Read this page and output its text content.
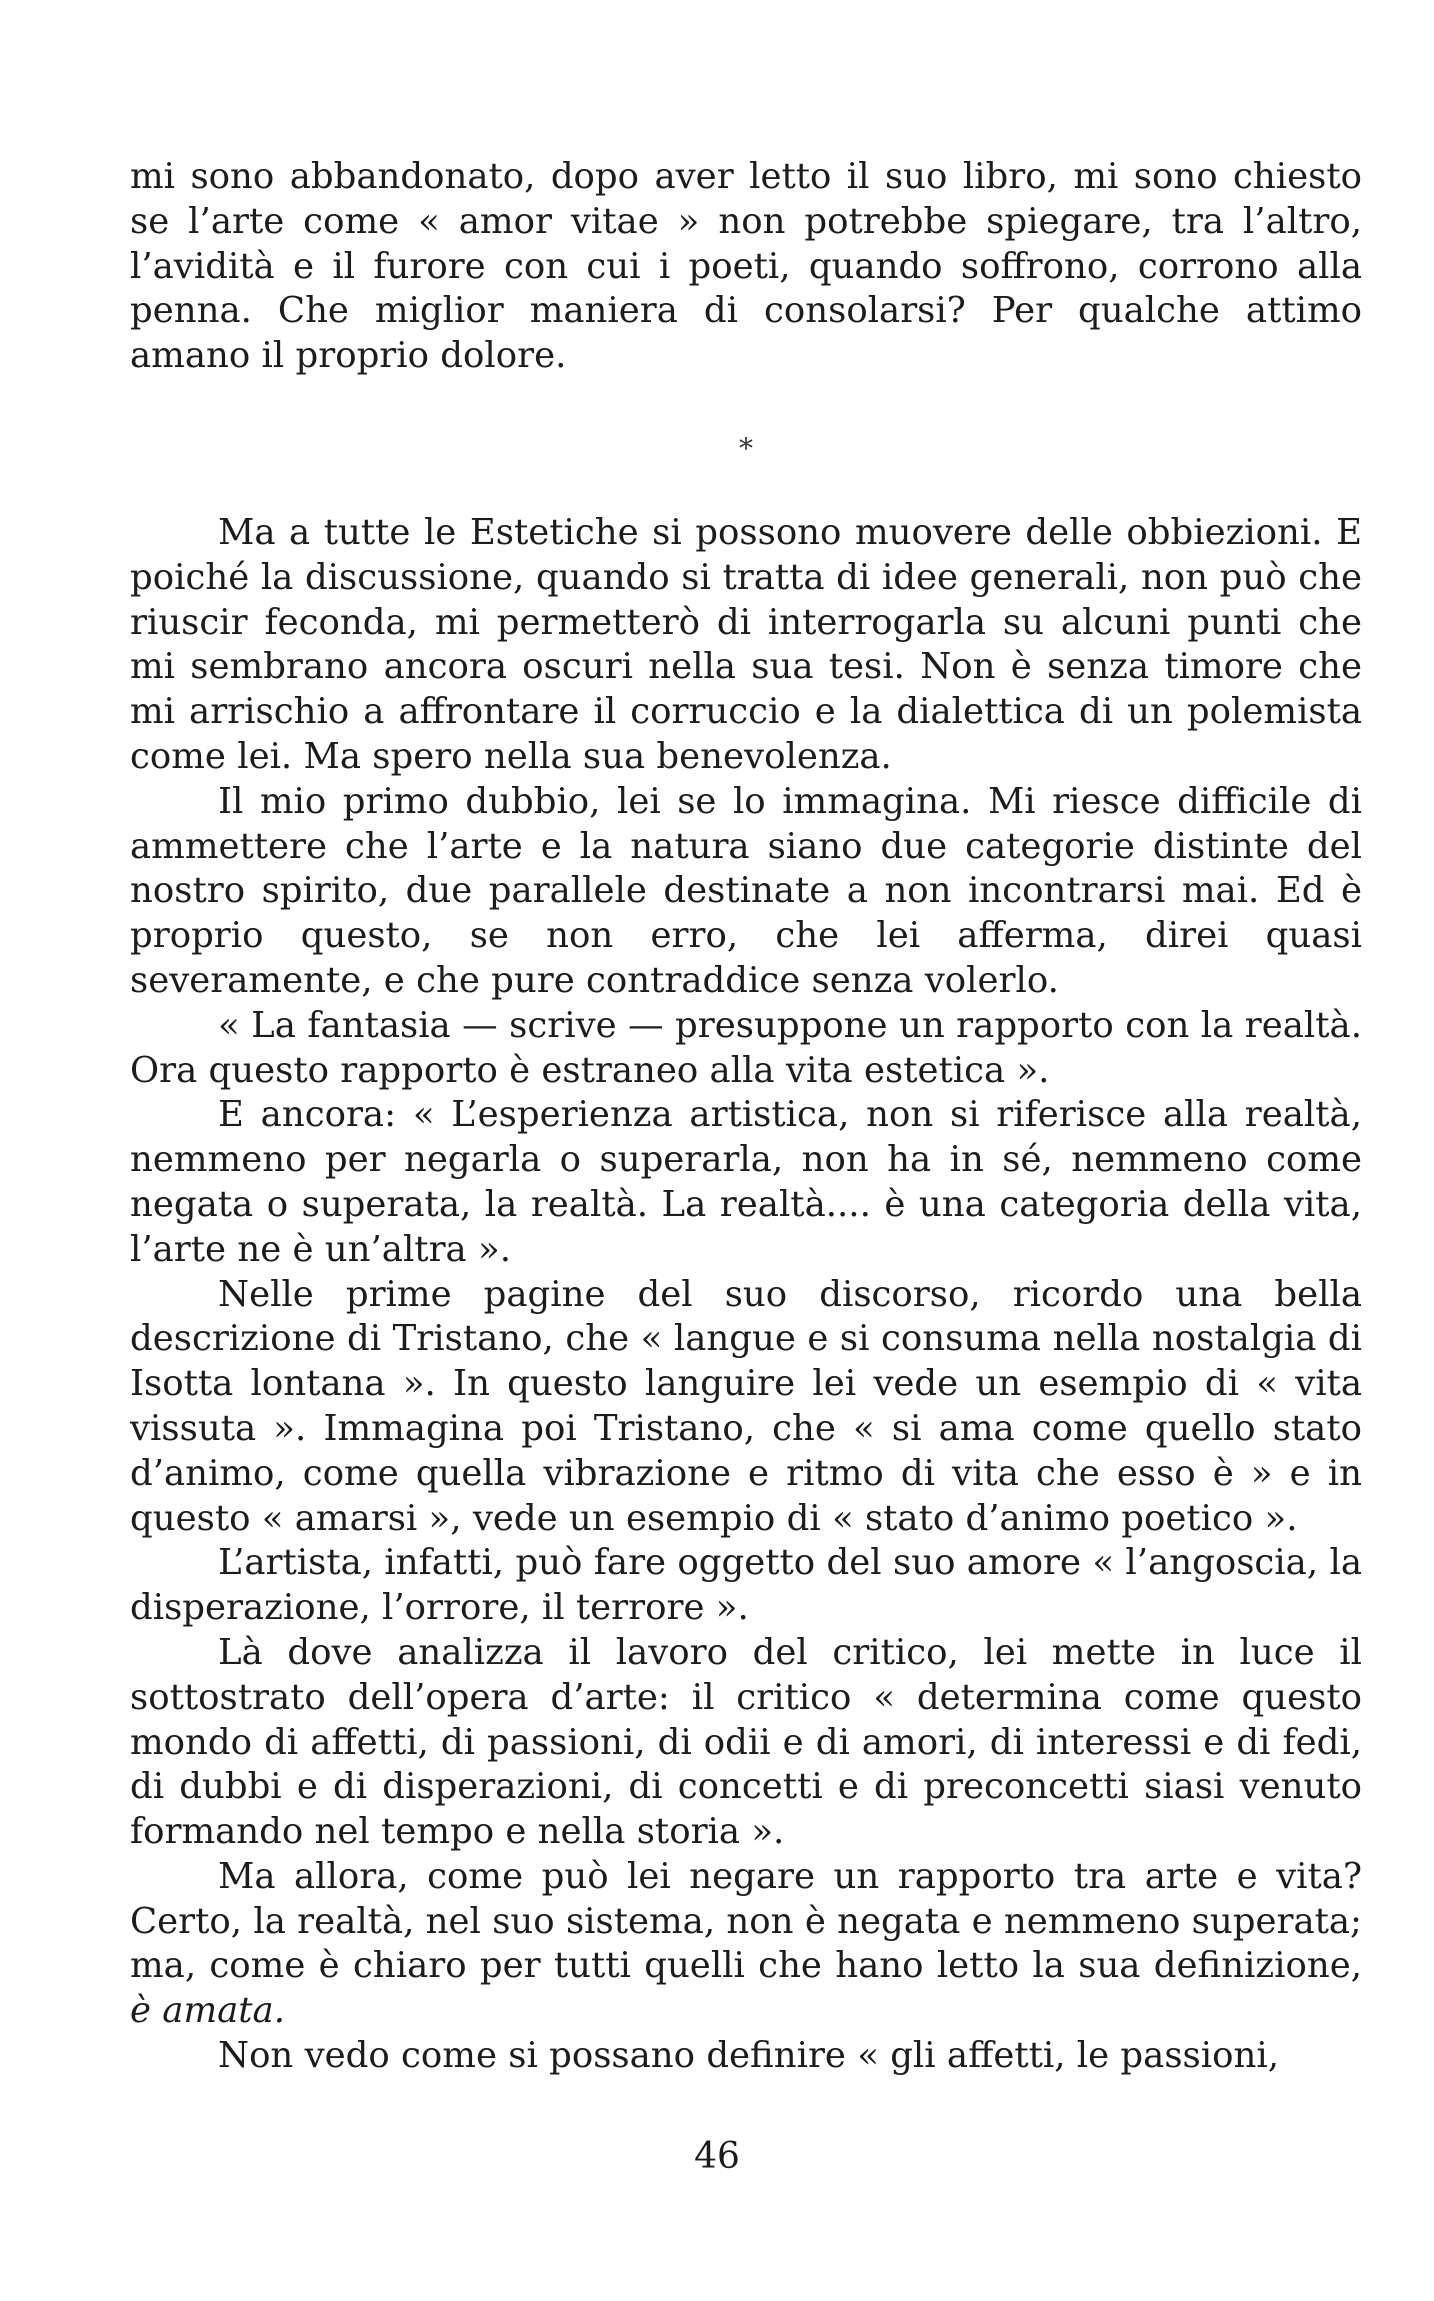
mi sono abbandonato, dopo aver letto il suo libro, mi sono chiesto se l’arte come « amor vitae » non potrebbe spiegare, tra l’altro, l’avidità e il furore con cui i poeti, quando soffrono, corrono alla penna. Che miglior maniera di consolarsi? Per qualche attimo amano il proprio dolore.

*

Ma a tutte le Estetiche si possono muovere delle obbiezioni. E poiché la discussione, quando si tratta di idee generali, non può che riuscir feconda, mi permetterò di interrogarla su alcuni punti che mi sembrano ancora oscuri nella sua tesi. Non è senza timore che mi arrischio a affrontare il corruccio e la dialettica di un polemista come lei. Ma spero nella sua benevolenza.

Il mio primo dubbio, lei se lo immagina. Mi riesce difficile di ammettere che l’arte e la natura siano due categorie distinte del nostro spirito, due parallele destinate a non incontrarsi mai. Ed è proprio questo, se non erro, che lei afferma, direi quasi severamente, e che pure contraddice senza volerlo.

« La fantasia — scrive — presuppone un rapporto con la realtà. Ora questo rapporto è estraneo alla vita estetica ».

E ancora: « L’esperienza artistica, non si riferisce alla realtà, nemmeno per negarla o superarla, non ha in sé, nemmeno come negata o superata, la realtà. La realtà.... è una categoria della vita, l’arte ne è un’altra ».

Nelle prime pagine del suo discorso, ricordo una bella descrizione di Tristano, che « langue e si consuma nella nostalgia di Isotta lontana ». In questo languire lei vede un esempio di « vita vissuta ». Immagina poi Tristano, che « si ama come quello stato d’animo, come quella vibrazione e ritmo di vita che esso è » e in questo « amarsi », vede un esempio di « stato d’animo poetico ».

L’artista, infatti, può fare oggetto del suo amore « l’angoscia, la disperazione, l’orrore, il terrore ».

Là dove analizza il lavoro del critico, lei mette in luce il sottostrato dell’opera d’arte: il critico « determina come questo mondo di affetti, di passioni, di odii e di amori, di interessi e di fedi, di dubbi e di disperazioni, di concetti e di preconcetti siasi venuto formando nel tempo e nella storia ».

Ma allora, come può lei negare un rapporto tra arte e vita? Certo, la realtà, nel suo sistema, non è negata e nemmeno superata; ma, come è chiaro per tutti quelli che hano letto la sua definizione, è amata.

Non vedo come si possano definire « gli affetti, le passioni,

46
